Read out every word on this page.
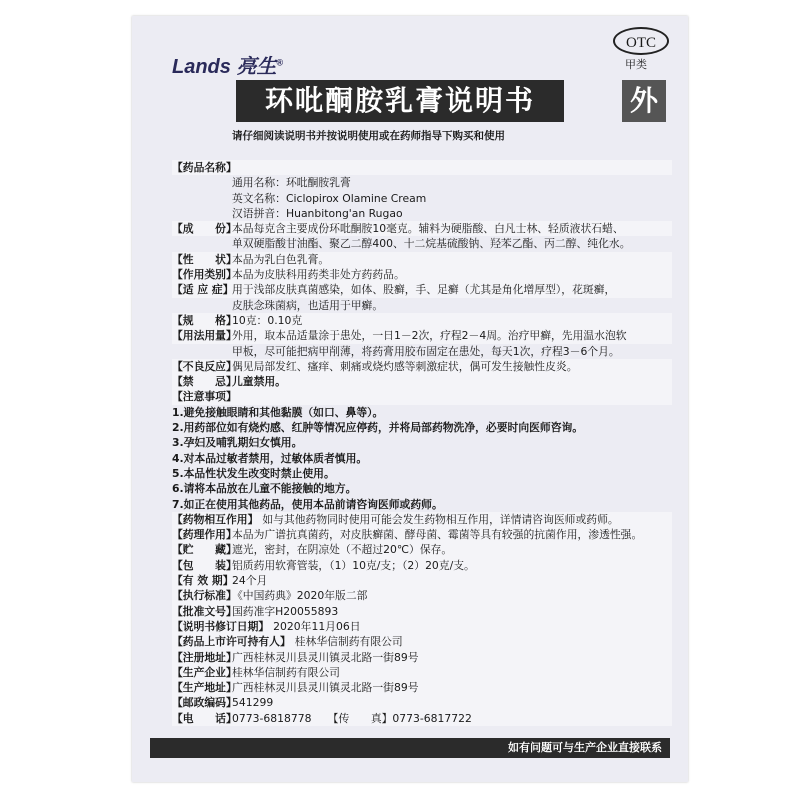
Lands 亮生®
OTC
甲类
环吡酮胺乳膏说明书	外
请仔细阅读说明书并按说明使用或在药师指导下购买和使用
【药品名称】
通用名称：环吡酮胺乳膏
英文名称：Ciclopirox Olamine Cream
汉语拼音：Huanbitong'an Rugao
【成　　份】本品每克含主要成份环吡酮胺10毫克。辅料为硬脂酸、白凡士林、轻质液状石蜡、
单双硬脂酸甘油酯、聚乙二醇400、十二烷基硫酸钠、羟苯乙酯、丙二醇、纯化水。
【性　　状】本品为乳白色乳膏。
【作用类别】本品为皮肤科用药类非处方药药品。
【适 应 症】用于浅部皮肤真菌感染，如体、股癣，手、足癣（尤其是角化增厚型），花斑癣，
皮肤念珠菌病，也适用于甲癣。
【规　　格】10克：0.10克
【用法用量】外用，取本品适量涂于患处，一日1－2次，疗程2－4周。治疗甲癣，先用温水泡软
甲板，尽可能把病甲削薄，将药膏用胶布固定在患处，每天1次，疗程3－6个月。
【不良反应】偶见局部发红、瘙痒、刺痛或烧灼感等刺激症状，偶可发生接触性皮炎。
【禁　　忌】儿童禁用。
【注意事项】
1.避免接触眼睛和其他黏膜（如口、鼻等）。
2.用药部位如有烧灼感、红肿等情况应停药，并将局部药物洗净，必要时向医师咨询。
3.孕妇及哺乳期妇女慎用。
4.对本品过敏者禁用，过敏体质者慎用。
5.本品性状发生改变时禁止使用。
6.请将本品放在儿童不能接触的地方。
7.如正在使用其他药品，使用本品前请咨询医师或药师。
【药物相互作用】 如与其他药物同时使用可能会发生药物相互作用，详情请咨询医师或药师。
【药理作用】本品为广谱抗真菌药，对皮肤癣菌、酵母菌、霉菌等具有较强的抗菌作用，渗透性强。
【贮　　藏】遮光，密封，在阴凉处（不超过20℃）保存。
【包　　装】铝质药用软膏管装，（1）10克/支；（2）20克/支。
【有 效 期】24个月
【执行标准】《中国药典》2020年版二部
【批准文号】国药准字H20055893
【说明书修订日期】 2020年11月06日
【药品上市许可持有人】 桂林华信制药有限公司
【注册地址】广西桂林灵川县灵川镇灵北路一街89号
【生产企业】桂林华信制药有限公司
【生产地址】广西桂林灵川县灵川镇灵北路一街89号
【邮政编码】541299
【电　　话】0773-6818778　　【传　　真】0773-6817722
如有问题可与生产企业直接联系
